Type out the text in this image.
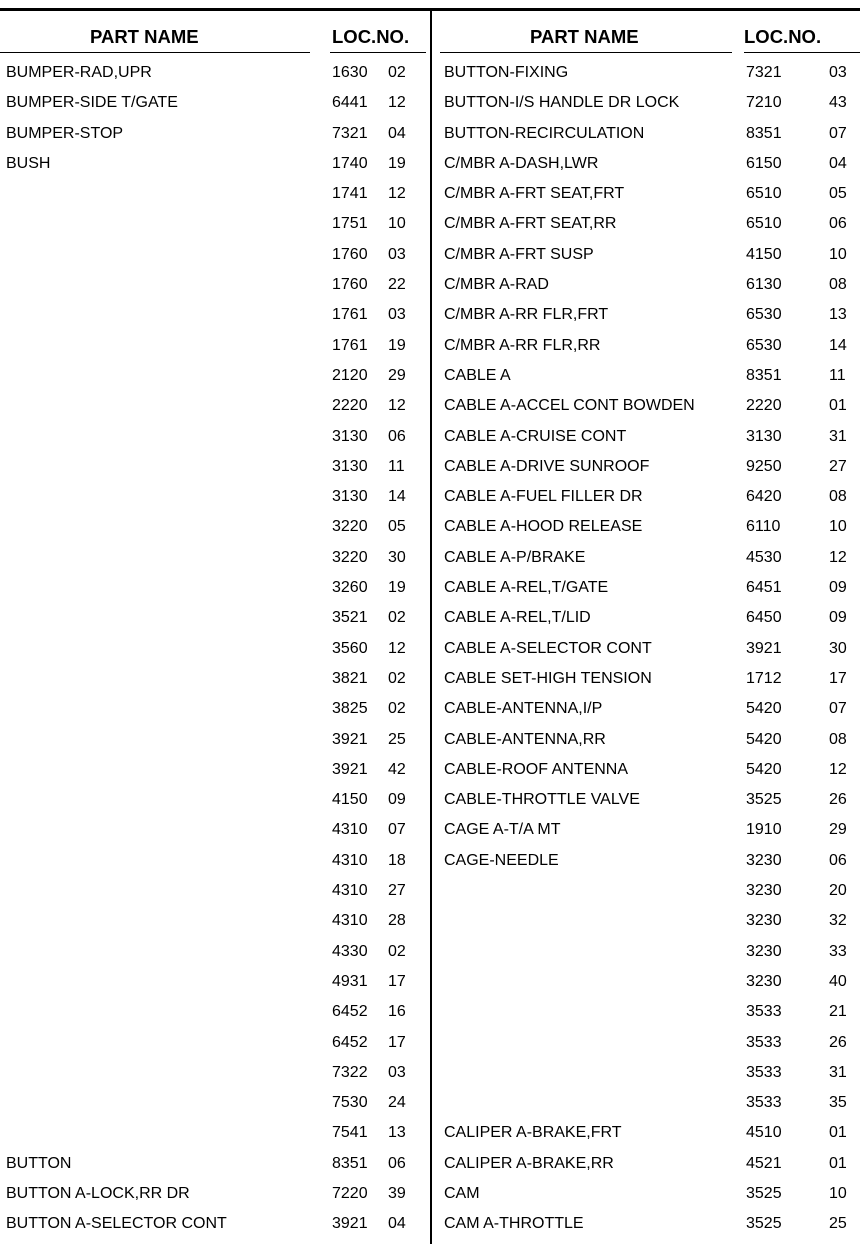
PART NAME	LOC.NO.
BUMPER-RAD,UPR	1630 02
BUMPER-SIDE T/GATE	6441 12
BUMPER-STOP	7321 04
BUSH	1740 19
1741 12
1751 10
1760 03
1760 22
1761 03
1761 19
2120 29
2220 12
3130 06
3130 11
3130 14
3220 05
3220 30
3260 19
3521 02
3560 12
3821 02
3825 02
3921 25
3921 42
4150 09
4310 07
4310 18
4310 27
4310 28
4330 02
4931 17
6452 16
6452 17
7322 03
7530 24
7541 13
BUTTON	8351 06
BUTTON A-LOCK,RR DR	7220 39
BUTTON A-SELECTOR CONT	3921 04
PART NAME	LOC.NO.
BUTTON-FIXING	7321	03
BUTTON-I/S HANDLE DR LOCK	7210	43
BUTTON-RECIRCULATION	8351	07
C/MBR A-DASH,LWR	6150	04
C/MBR A-FRT SEAT,FRT	6510	05
C/MBR A-FRT SEAT,RR	6510	06
C/MBR A-FRT SUSP	4150	10
C/MBR A-RAD	6130	08
C/MBR A-RR FLR,FRT	6530	13
C/MBR A-RR FLR,RR	6530	14
CABLE A	8351	11
CABLE A-ACCEL CONT BOWDEN	2220	01
CABLE A-CRUISE CONT	3130	31
CABLE A-DRIVE SUNROOF	9250	27
CABLE A-FUEL FILLER DR	6420	08
CABLE A-HOOD RELEASE	6110	10
CABLE A-P/BRAKE	4530	12
CABLE A-REL,T/GATE	6451	09
CABLE A-REL,T/LID	6450	09
CABLE A-SELECTOR CONT	3921	30
CABLE SET-HIGH TENSION	1712	17
CABLE-ANTENNA,I/P	5420	07
CABLE-ANTENNA,RR	5420	08
CABLE-ROOF ANTENNA	5420	12
CABLE-THROTTLE VALVE	3525	26
CAGE A-T/A MT	1910	29
CAGE-NEEDLE	3230	06
3230	20
3230	32
3230	33
3230	40
3533	21
3533	26
3533	31
3533	35
CALIPER A-BRAKE,FRT	4510	01
CALIPER A-BRAKE,RR	4521	01
CAM	3525	10
CAM A-THROTTLE	3525	25
